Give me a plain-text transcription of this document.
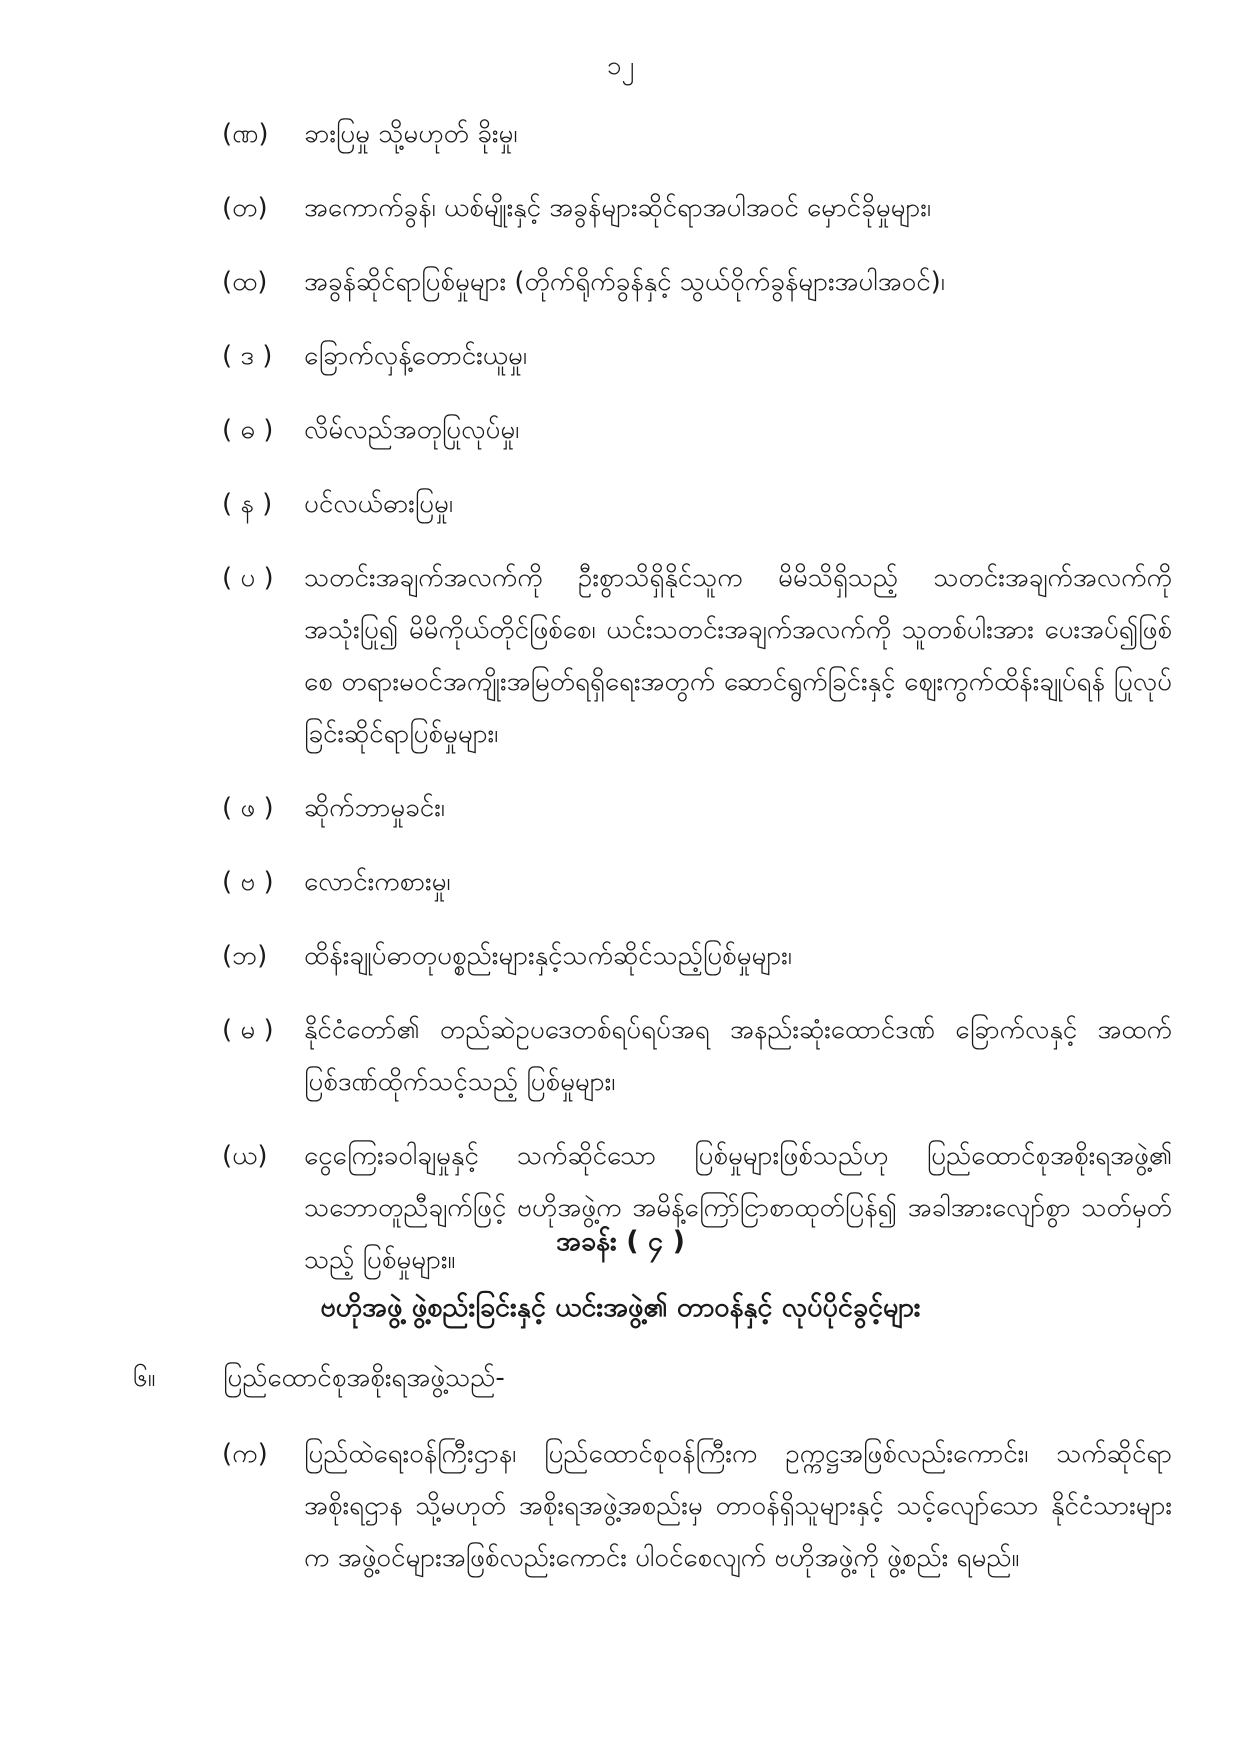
၁၂
(ဏ)	ခားပြမှု သို့မဟုတ် ခိုးမှု၊
(တ)	အကောက်ခွန်၊ ယစ်မျိုးနှင့် အခွန်များဆိုင်ရာအပါအဝင် မှောင်ခိုမှုများ၊
(ထ)	အခွန်ဆိုင်ရာပြစ်မှုများ (တိုက်ရိုက်ခွန်နှင့် သွယ်ဝိုက်ခွန်များအပါအဝင်)၊
( ဒ )	ခြောက်လှန့်တောင်းယူမှု၊
( ဓ )	လိမ်လည်အတုပြုလုပ်မှု၊
( န )	ပင်လယ်ဓားပြမှု၊
( ပ )	သတင်းအချက်အလက်ကို ဦးစွာသိရှိနိုင်သူက မိမိသိရှိသည့် သတင်းအချက်အလက်ကို အသုံးပြု၍ မိမိကိုယ်တိုင်ဖြစ်စေ၊ ယင်းသတင်းအချက်အလက်ကို သူတစ်ပါးအား ပေးအပ်၍ဖြစ်စေ တရားမဝင်အကျိုးအမြတ်ရရှိရေးအတွက် ဆောင်ရွက်ခြင်းနှင့် ဈေးကွက်ထိန်းချုပ်ရန် ပြုလုပ်ခြင်းဆိုင်ရာပြစ်မှုများ၊
( ဖ )	ဆိုက်ဘာမှုခင်း၊
( ဗ )	လောင်းကစားမှု၊
(ဘ)	ထိန်းချုပ်ဓာတုပစ္စည်းများနှင့်သက်ဆိုင်သည့်ပြစ်မှုများ၊
( မ )	နိုင်ငံတော်၏ တည်ဆဲဥပဒေတစ်ရပ်ရပ်အရ အနည်းဆုံးထောင်ဒဏ် ခြောက်လနှင့် အထက် ပြစ်ဒဏ်ထိုက်သင့်သည့် ပြစ်မှုများ၊
(ယ)	ငွေကြေးခဝါချမှုနှင့် သက်ဆိုင်သော ပြစ်မှုများဖြစ်သည်ဟု ပြည်ထောင်စုအစိုးရအဖွဲ့၏ သဘောတူညီချက်ဖြင့် ဗဟိုအဖွဲ့က အမိန့်ကြော်ငြာစာထုတ်ပြန်၍ အခါအားလျော်စွာ သတ်မှတ်သည့် ပြစ်မှုများ။
အခန်း ( ၄ )
ဗဟိုအဖွဲ့ ဖွဲ့စည်းခြင်းနှင့် ယင်းအဖွဲ့၏ တာဝန်နှင့် လုပ်ပိုင်ခွင့်များ
၆။	ပြည်ထောင်စုအစိုးရအဖွဲ့သည်-
(က)	ပြည်ထဲရေးဝန်ကြီးဌာန၊ ပြည်ထောင်စုဝန်ကြီးက ဥက္ကဋ္ဌအဖြစ်လည်းကောင်း၊ သက်ဆိုင်ရာ အစိုးရဌာန သို့မဟုတ် အစိုးရအဖွဲ့အစည်းမှ တာဝန်ရှိသူများနှင့် သင့်လျော်သော နိုင်ငံသားများက အဖွဲ့ဝင်များအဖြစ်လည်းကောင်း ပါဝင်စေလျက် ဗဟိုအဖွဲ့ကို ဖွဲ့စည်း ရမည်။
